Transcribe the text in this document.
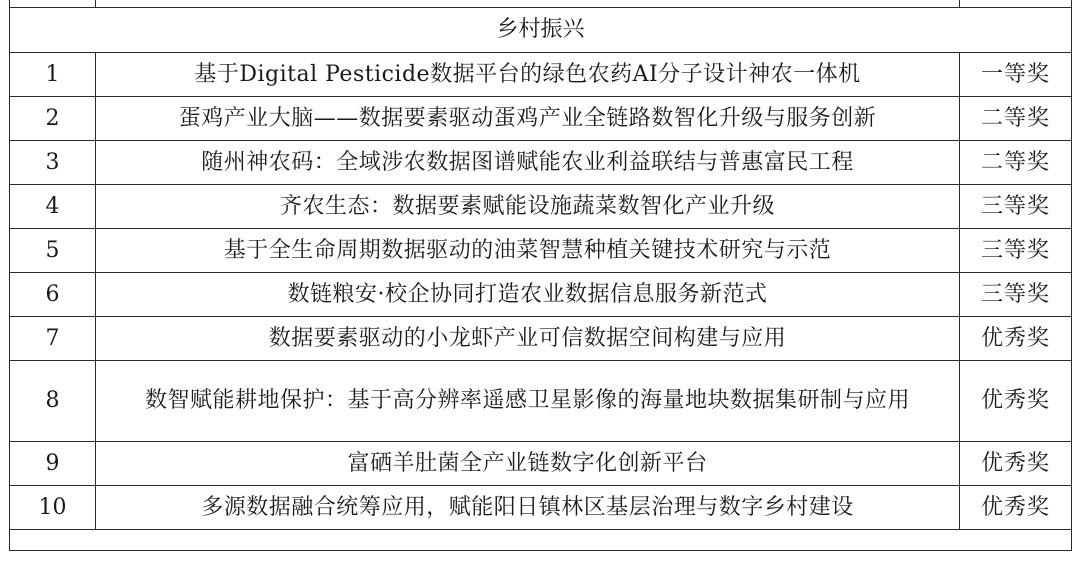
乡村振兴		
1	基于Digital Pesticide数据平台的绿色农药AI分子设计神农一体机	一等奖
2	蛋鸡产业大脑——数据要素驱动蛋鸡产业全链路数智化升级与服务创新	二等奖
3	随州神农码：全域涉农数据图谱赋能农业利益联结与普惠富民工程	二等奖
4	齐农生态：数据要素赋能设施蔬菜数智化产业升级	三等奖
5	基于全生命周期数据驱动的油菜智慧种植关键技术研究与示范	三等奖
6	数链粮安·校企协同打造农业数据信息服务新范式	三等奖
7	数据要素驱动的小龙虾产业可信数据空间构建与应用	优秀奖
8	数智赋能耕地保护：基于高分辨率遥感卫星影像的海量地块数据集研制与应用	优秀奖
9	富硒羊肚菌全产业链数字化创新平台	优秀奖
10	多源数据融合统筹应用，赋能阳日镇林区基层治理与数字乡村建设	优秀奖
